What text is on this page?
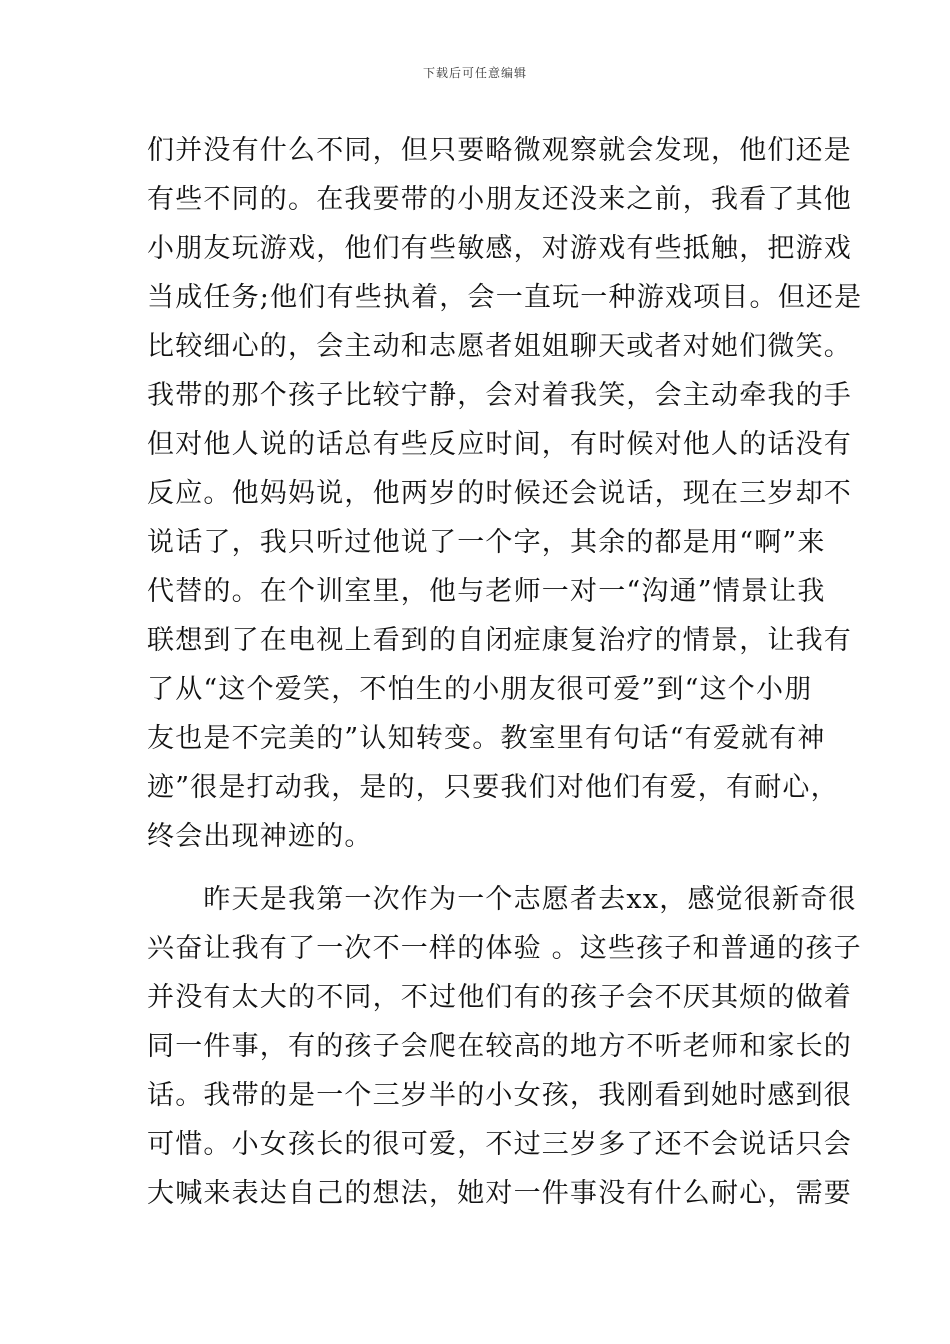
下载后可任意编辑
们并没有什么不同，但只要略微观察就会发现，他们还是
有些不同的。在我要带的小朋友还没来之前，我看了其他
小朋友玩游戏，他们有些敏感，对游戏有些抵触，把游戏
当成任务;他们有些执着，会一直玩一种游戏项目。但还是
比较细心的，会主动和志愿者姐姐聊天或者对她们微笑。
我带的那个孩子比较宁静，会对着我笑，会主动牵我的手
但对他人说的话总有些反应时间，有时候对他人的话没有
反应。他妈妈说，他两岁的时候还会说话，现在三岁却不
说话了，我只听过他说了一个字，其余的都是用“啊”来
代替的。在个训室里，他与老师一对一“沟通”情景让我
联想到了在电视上看到的自闭症康复治疗的情景，让我有
了从“这个爱笑，不怕生的小朋友很可爱”到“这个小朋
友也是不完美的”认知转变。教室里有句话“有爱就有神
迹”很是打动我，是的，只要我们对他们有爱，有耐心，
终会出现神迹的。
　　昨天是我第一次作为一个志愿者去xx，感觉很新奇很
兴奋让我有了一次不一样的体验 。这些孩子和普通的孩子
并没有太大的不同，不过他们有的孩子会不厌其烦的做着
同一件事，有的孩子会爬在较高的地方不听老师和家长的
话。我带的是一个三岁半的小女孩，我刚看到她时感到很
可惜。小女孩长的很可爱，不过三岁多了还不会说话只会
大喊来表达自己的想法，她对一件事没有什么耐心，需要
